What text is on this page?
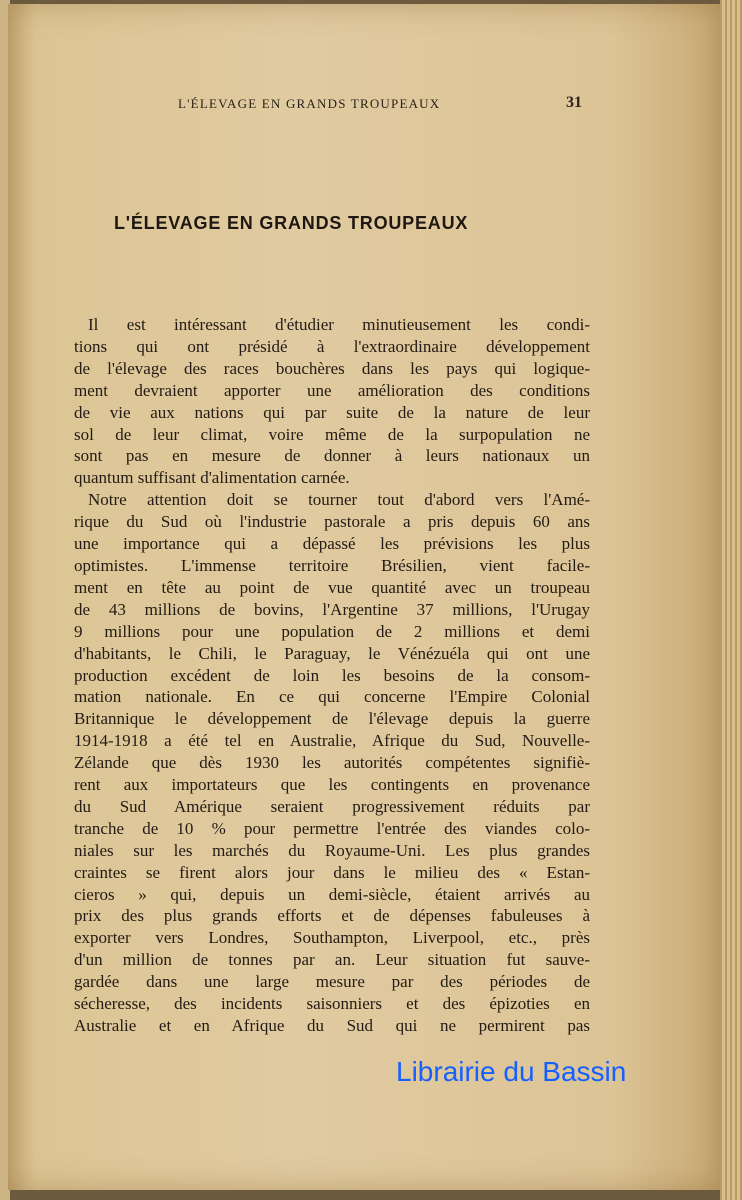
L'ÉLEVAGE EN GRANDS TROUPEAUX	31
L'ÉLEVAGE EN GRANDS TROUPEAUX
Il est intéressant d'étudier minutieusement les condi-
tions qui ont présidé à l'extraordinaire développement
de l'élevage des races bouchères dans les pays qui logique-
ment devraient apporter une amélioration des conditions
de vie aux nations qui par suite de la nature de leur
sol de leur climat, voire même de la surpopulation ne
sont pas en mesure de donner à leurs nationaux un
quantum suffisant d'alimentation carnée.
Notre attention doit se tourner tout d'abord vers l'Amé-
rique du Sud où l'industrie pastorale a pris depuis 60 ans
une importance qui a dépassé les prévisions les plus
optimistes. L'immense territoire Brésilien, vient facile-
ment en tête au point de vue quantité avec un troupeau
de 43 millions de bovins, l'Argentine 37 millions, l'Urugay
9 millions pour une population de 2 millions et demi
d'habitants, le Chili, le Paraguay, le Vénézuéla qui ont une
production excédent de loin les besoins de la consom-
mation nationale. En ce qui concerne l'Empire Colonial
Britannique le développement de l'élevage depuis la guerre
1914-1918 a été tel en Australie, Afrique du Sud, Nouvelle-
Zélande que dès 1930 les autorités compétentes signifiè-
rent aux importateurs que les contingents en provenance
du Sud Amérique seraient progressivement réduits par
tranche de 10 % pour permettre l'entrée des viandes colo-
niales sur les marchés du Royaume-Uni. Les plus grandes
craintes se firent alors jour dans le milieu des « Estan-
cieros » qui, depuis un demi-siècle, étaient arrivés au
prix des plus grands efforts et de dépenses fabuleuses à
exporter vers Londres, Southampton, Liverpool, etc., près
d'un million de tonnes par an. Leur situation fut sauve-
gardée dans une large mesure par des périodes de
sécheresse, des incidents saisonniers et des épizoties en
Australie et en Afrique du Sud qui ne permirent pas
Librairie du Bassin
